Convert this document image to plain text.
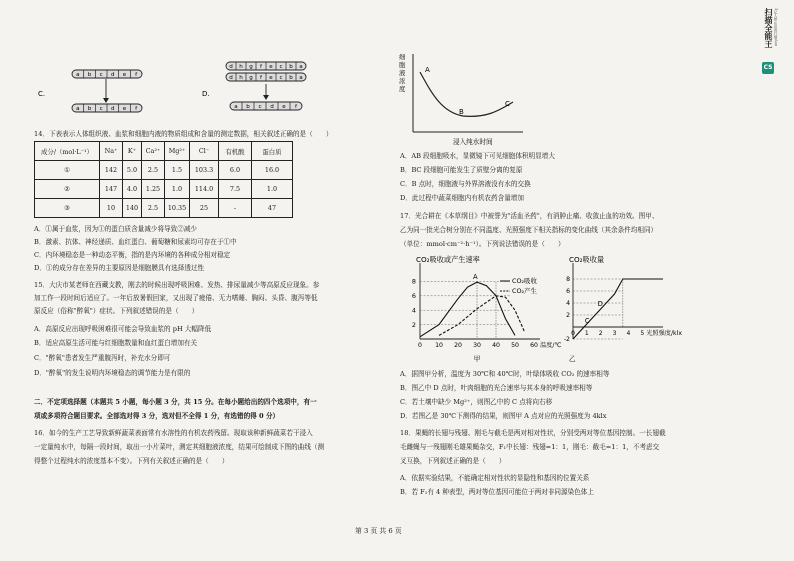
C.
a b c d e f
a b c d e f
D.
d h g f e c b a
d h g f e c b a
a b c d e f
14．下表表示人体组织液、血浆和细胞内液的物质组成和含量的测定数据，相关叙述正确的是（　　）
成分/（mol·L⁻¹）	Na⁺	K⁺	Ca²⁺	Mg²⁺	Cl⁻	有机酸	蛋白质
①	142	5.0	2.5	1.5	103.3	6.0	16.0
②	147	4.0	1.25	1.0	114.0	7.5	1.0
③	10	140	2.5	10.35	25	-	47
A．①属于血浆，因为①的蛋白质含量减少将导致②减少
B．激素、抗体、神经递质、血红蛋白、葡萄糖和尿素均可存在于①中
C．内环境稳态是一种动态平衡，指的是内环境的各种成分相对稳定
D．①的成分存在差异的主要原因是细胞膜具有选择透过性
15．大庆市某老师在西藏支教，刚去的时候出现呼吸困难、发热、排尿量减少等高原反应现象。参
加工作一段时间后适应了。一年后放暑假回家，又出现了疲倦、无力嗜睡、胸闷、头昏、腹泻等低
原反应（俗称"醉氧"）症状。下列叙述错误的是（　　）
A．高原反应出现呼吸困难很可能会导致血浆的 pH 大幅降低
B．适应高原生活可能与红细胞数量和血红蛋白增加有关
C．"醉氧"患者发生严重腹泻时，补充水分即可
D．"醉氧"的发生说明内环境稳态的调节能力是有限的
二．不定项选择题（本题共 5 小题，每小题 3 分，共 15 分。在每小题给出的四个选项中，有一
项或多项符合题目要求。全部选对得 3 分，选对但不全得 1 分，有选错的得 0 分）
16．如今的生产工艺导致新鲜蔬菜表面常有水溶性的有机农药残留。现取该种新鲜蔬菜若干浸入
一定量纯水中，每隔一段时间，取出一小片菜叶，测定其细胞液浓度，结果可绘制成下图的曲线（测
得整个过程纯水的浓度基本不变）。下列有关叙述正确的是（　　）
细
胞
液
浓
度
A
B
C
浸入纯水时间
A．AB 段细胞吸水，显微镜下可见细胞体积明显增大
B．BC 段细胞可能发生了质壁分离的复原
C．B 点时，细胞液与外界溶液没有水的交换
D．此过程中蔬菜细胞内有机农药含量增加
17．光合耕在《本草纲目》中被誉为"活血圣药"，有消肿止痛、收敛止血的功效。图甲、
乙为同一批光合树分别在不同温度、光照强度下相关指标的变化曲线（其余条件均相同）
（单位：mmol·cm⁻²·h⁻¹）。下列说法错误的是（　　）
CO₂吸收或产生速率
2
4
6
8
0 10 20 30 40 50 60 温度/℃
甲
CO₂吸收
CO₂产生
A
CO₂吸收量
-2
2
4
6
8
0 1 2 3 4 5 光照强度/klx
乙
C
D
A．据图甲分析，温度为 30℃和 40℃时，叶绿体吸收 CO₂ 的速率相等
B．图乙中 D 点时，叶肉细胞的光合速率与其本身的呼吸速率相等
C．若土壤中缺少 Mg²⁺，则图乙中的 C 点将向右移
D．若图乙是 30℃下测得的结果，则图甲 A 点对应的光照强度为 4klx
18．果蝇的长翅与残翅、刚毛与截毛是两对相对性状，分别受两对等位基因控制。一长翅截
毛雌蝇与一残翅刚毛雄果蝇杂交，F₁中长翅：残翅=1：1，刚毛：截毛=1：1，不考虑交
叉互换，下列叙述正确的是（　　）
A．依据实验结果，不能确定相对性状的显隐性和基因的位置关系
B．若 F₁有 4 种表型，两对等位基因可能位于两对非同源染色体上
第 3 页 共 6 页
CS
扫描全能王 3亿人都在用的扫描App
